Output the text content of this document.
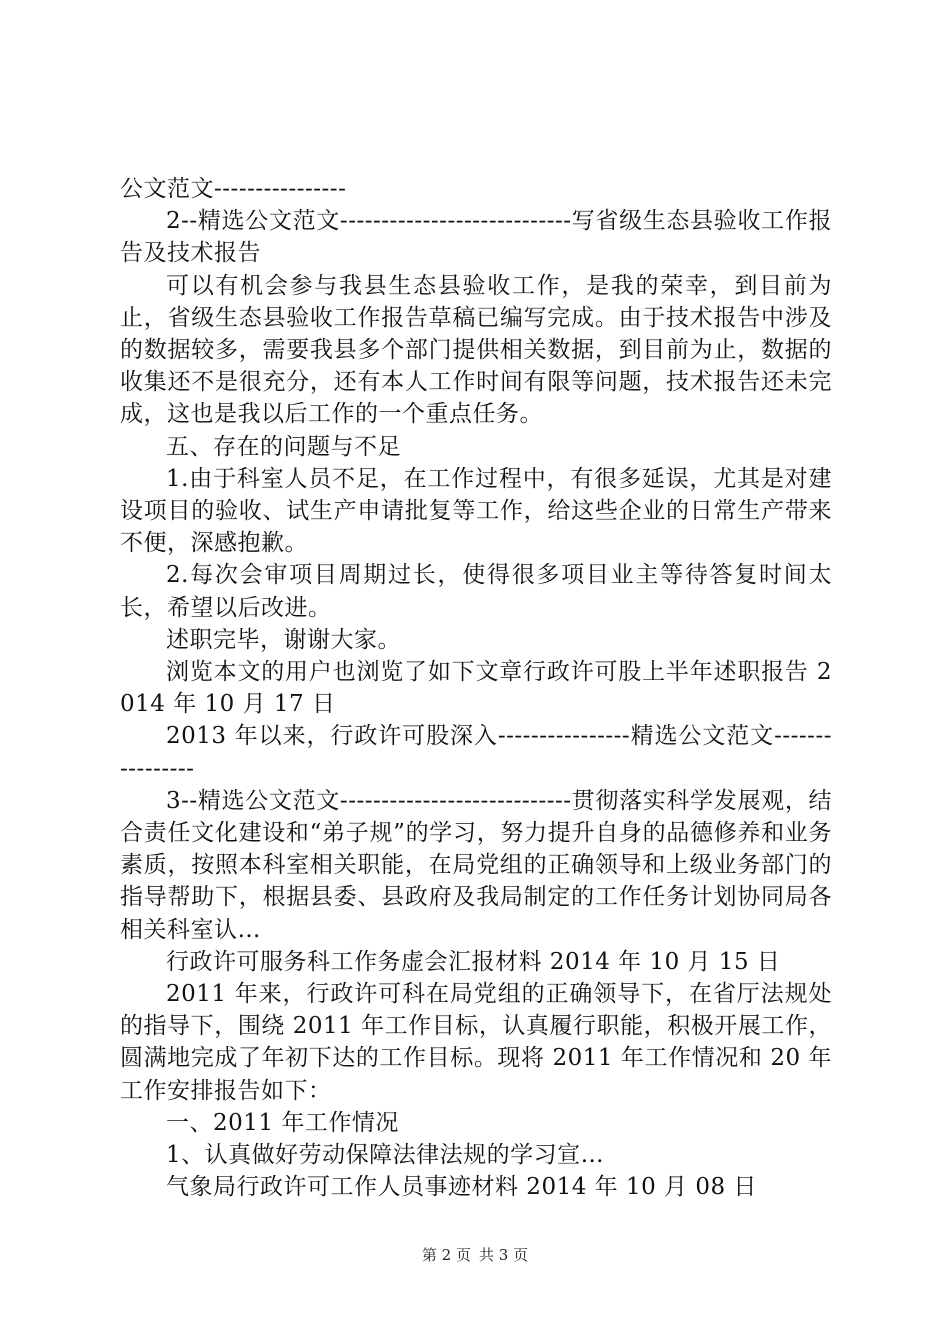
公文范文----------------

2--精选公文范文----------------------------写省级生态县验收工作报告及技术报告

可以有机会参与我县生态县验收工作，是我的荣幸，到目前为止，省级生态县验收工作报告草稿已编写完成。由于技术报告中涉及的数据较多，需要我县多个部门提供相关数据，到目前为止，数据的收集还不是很充分，还有本人工作时间有限等问题，技术报告还未完成，这也是我以后工作的一个重点任务。

五、存在的问题与不足

1.由于科室人员不足，在工作过程中，有很多延误，尤其是对建设项目的验收、试生产申请批复等工作，给这些企业的日常生产带来不便，深感抱歉。

2.每次会审项目周期过长，使得很多项目业主等待答复时间太长，希望以后改进。

述职完毕，谢谢大家。

浏览本文的用户也浏览了如下文章行政许可股上半年述职报告 2014 年 10 月 17 日

2013 年以来，行政许可股深入----------------精选公文范文----------------

3--精选公文范文----------------------------贯彻落实科学发展观，结合责任文化建设和“弟子规”的学习，努力提升自身的品德修养和业务素质，按照本科室相关职能，在局党组的正确领导和上级业务部门的指导帮助下，根据县委、县政府及我局制定的工作任务计划协同局各相关科室认…

行政许可服务科工作务虚会汇报材料 2014 年 10 月 15 日

2011 年来，行政许可科在局党组的正确领导下，在省厅法规处的指导下，围绕 2011 年工作目标，认真履行职能，积极开展工作，圆满地完成了年初下达的工作目标。现将 2011 年工作情况和 20 年工作安排报告如下：

一、2011 年工作情况

1、认真做好劳动保障法律法规的学习宣…

气象局行政许可工作人员事迹材料 2014 年 10 月 08 日

第 2 页 共 3 页
